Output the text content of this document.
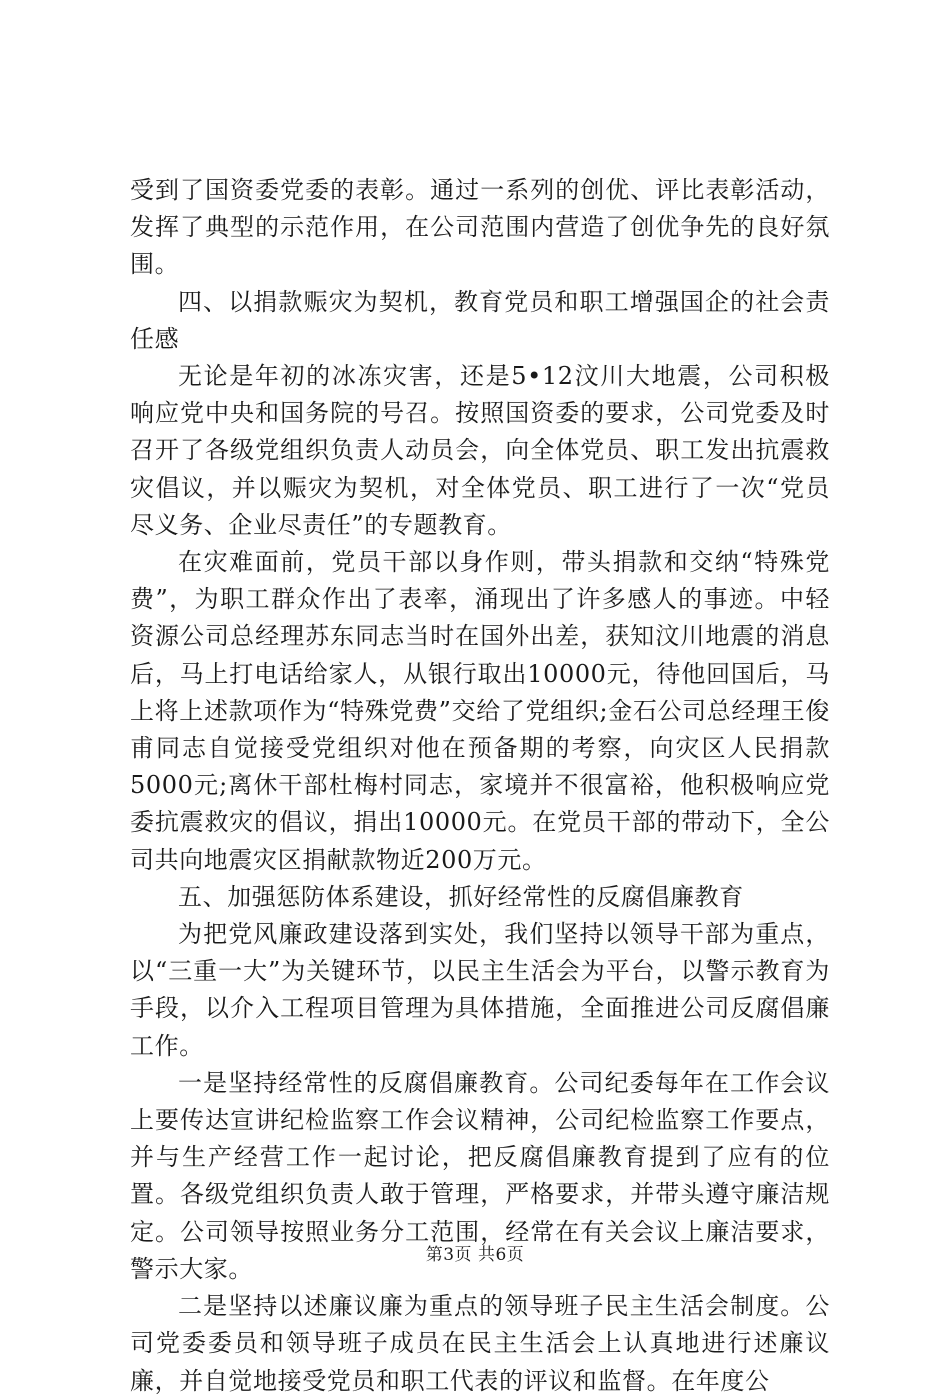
受到了国资委党委的表彰。通过一系列的创优、评比表彰活动，发挥了典型的示范作用，在公司范围内营造了创优争先的良好氛围。

四、以捐款赈灾为契机，教育党员和职工增强国企的社会责任感

无论是年初的冰冻灾害，还是5•12汶川大地震，公司积极响应党中央和国务院的号召。按照国资委的要求，公司党委及时召开了各级党组织负责人动员会，向全体党员、职工发出抗震救灾倡议，并以赈灾为契机，对全体党员、职工进行了一次“党员尽义务、企业尽责任”的专题教育。

在灾难面前，党员干部以身作则，带头捐款和交纳“特殊党费”，为职工群众作出了表率，涌现出了许多感人的事迹。中轻资源公司总经理苏东同志当时在国外出差，获知汶川地震的消息后，马上打电话给家人，从银行取出10000元，待他回国后，马上将上述款项作为“特殊党费”交给了党组织;金石公司总经理王俊甫同志自觉接受党组织对他在预备期的考察，向灾区人民捐款5000元;离休干部杜梅村同志，家境并不很富裕，他积极响应党委抗震救灾的倡议，捐出10000元。在党员干部的带动下，全公司共向地震灾区捐献款物近200万元。

五、加强惩防体系建设，抓好经常性的反腐倡廉教育

为把党风廉政建设落到实处，我们坚持以领导干部为重点，以“三重一大”为关键环节，以民主生活会为平台，以警示教育为手段，以介入工程项目管理为具体措施，全面推进公司反腐倡廉工作。

一是坚持经常性的反腐倡廉教育。公司纪委每年在工作会议上要传达宣讲纪检监察工作会议精神，公司纪检监察工作要点，并与生产经营工作一起讨论，把反腐倡廉教育提到了应有的位置。各级党组织负责人敢于管理，严格要求，并带头遵守廉洁规定。公司领导按照业务分工范围，经常在有关会议上廉洁要求，警示大家。

二是坚持以述廉议廉为重点的领导班子民主生活会制度。公司党委委员和领导班子成员在民主生活会上认真地进行述廉议廉，并自觉地接受党员和职工代表的评议和监督。在年度公

第3页 共6页
